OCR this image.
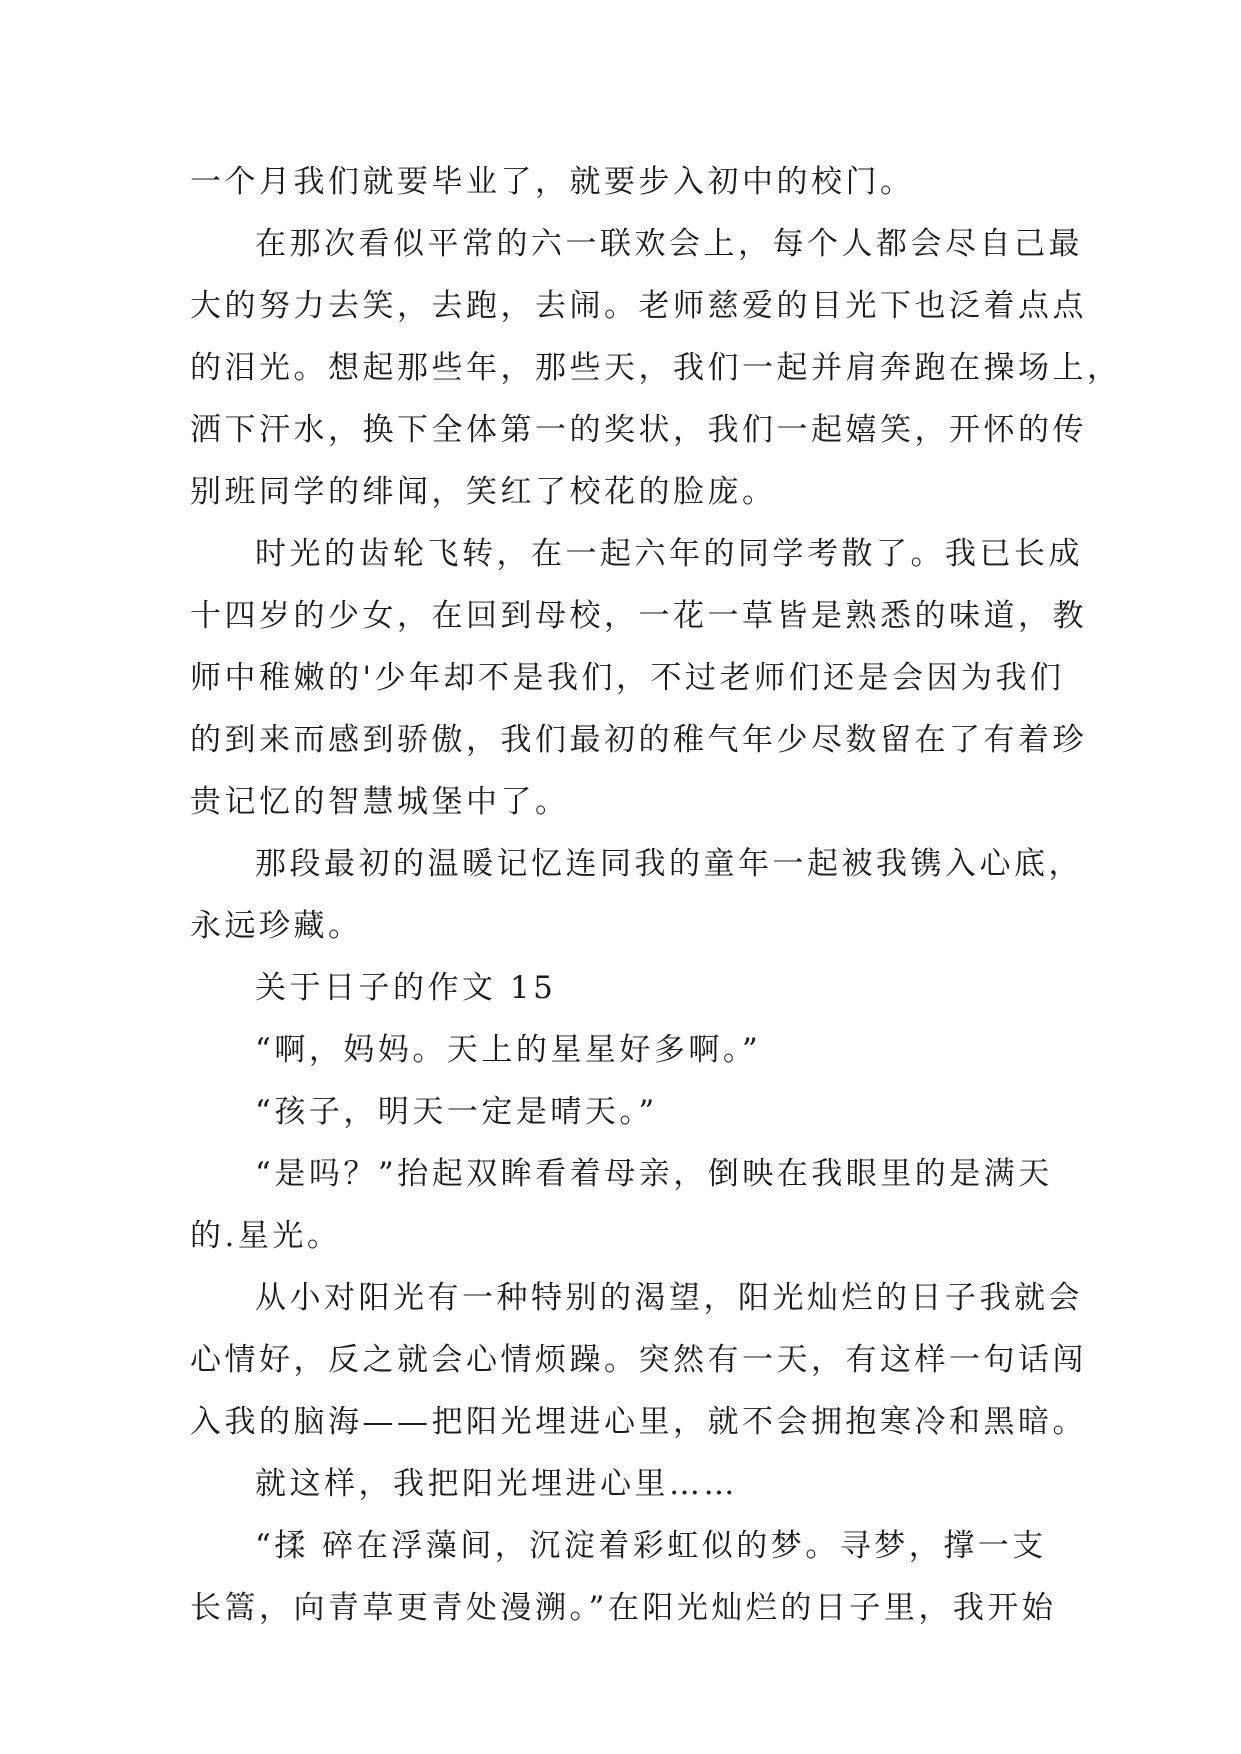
一个月我们就要毕业了，就要步入初中的校门。
在那次看似平常的六一联欢会上，每个人都会尽自己最
大的努力去笑，去跑，去闹。老师慈爱的目光下也泛着点点
的泪光。想起那些年，那些天，我们一起并肩奔跑在操场上，
洒下汗水，换下全体第一的奖状，我们一起嬉笑，开怀的传
别班同学的绯闻，笑红了校花的脸庞。
时光的齿轮飞转，在一起六年的同学考散了。我已长成
十四岁的少女，在回到母校，一花一草皆是熟悉的味道，教
师中稚嫩的'少年却不是我们，不过老师们还是会因为我们
的到来而感到骄傲，我们最初的稚气年少尽数留在了有着珍
贵记忆的智慧城堡中了。
那段最初的温暖记忆连同我的童年一起被我镌入心底，
永远珍藏。
关于日子的作文 15
“啊，妈妈。天上的星星好多啊。”
“孩子，明天一定是晴天。”
“是吗？”抬起双眸看着母亲，倒映在我眼里的是满天
的.星光。
从小对阳光有一种特别的渴望，阳光灿烂的日子我就会
心情好，反之就会心情烦躁。突然有一天，有这样一句话闯
入我的脑海——把阳光埋进心里，就不会拥抱寒冷和黑暗。
就这样，我把阳光埋进心里……
“揉 碎在浮藻间，沉淀着彩虹似的梦。寻梦，撑一支
长篙，向青草更青处漫溯。”在阳光灿烂的日子里，我开始
